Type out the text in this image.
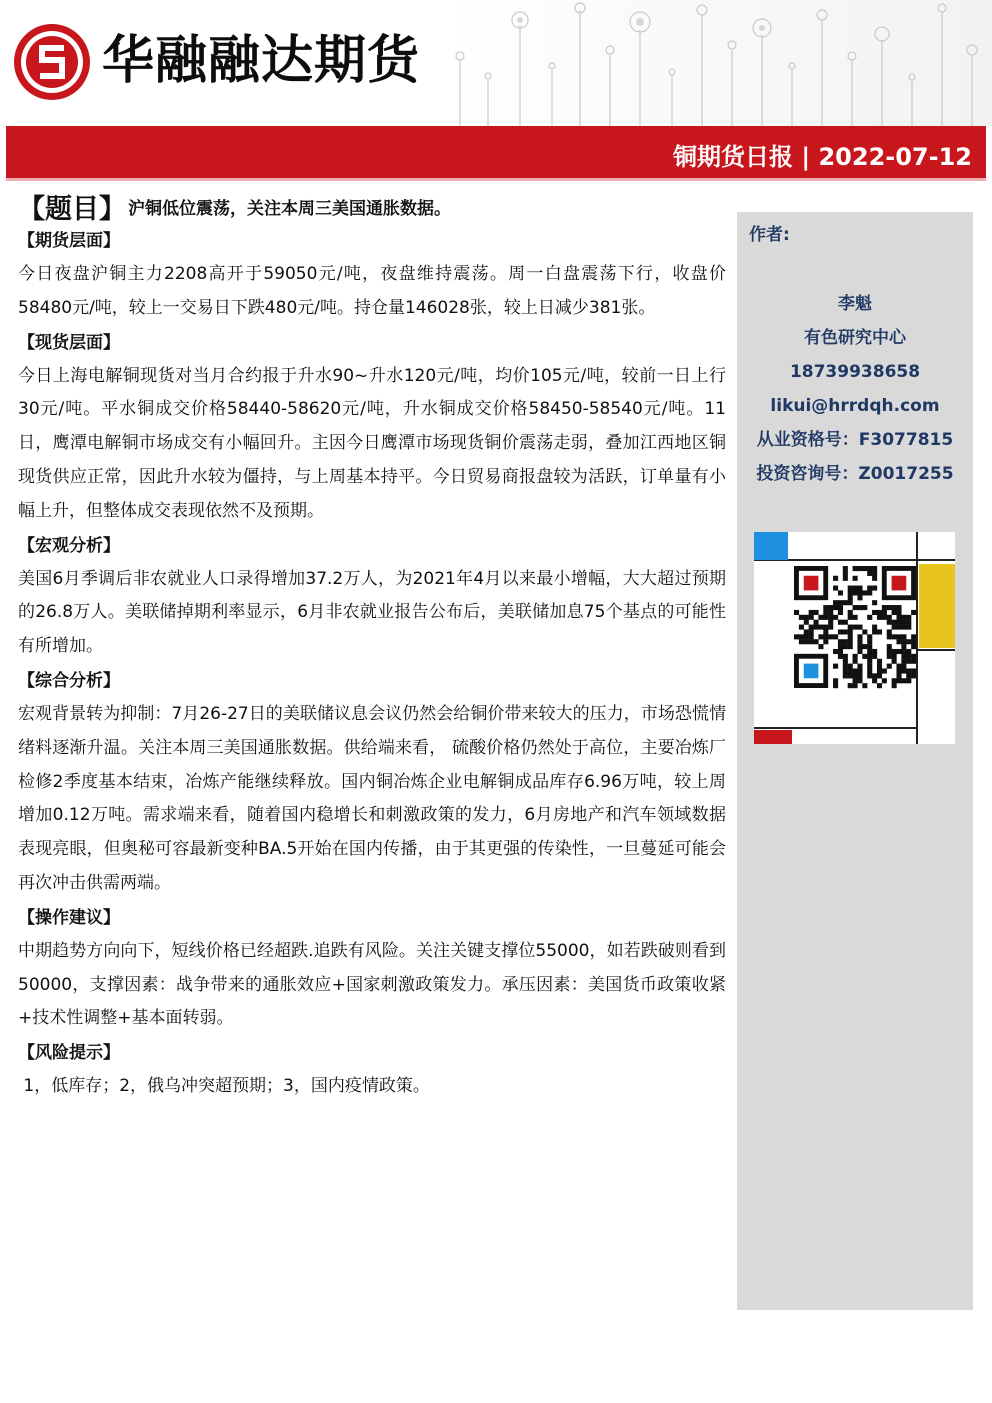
华融融达期货
铜期货日报 | 2022-07-12
【题目】 沪铜低位震荡，关注本周三美国通胀数据。
【期货层面】
今日夜盘沪铜主力2208高开于59050元/吨，夜盘维持震荡。周一白盘震荡下行，收盘价58480元/吨，较上一交易日下跌480元/吨。持仓量146028张，较上日减少381张。
【现货层面】
今日上海电解铜现货对当月合约报于升水90~升水120元/吨，均价105元/吨，较前一日上行30元/吨。平水铜成交价格58440-58620元/吨，升水铜成交价格58450-58540元/吨。11日，鹰潭电解铜市场成交有小幅回升。主因今日鹰潭市场现货铜价震荡走弱，叠加江西地区铜现货供应正常，因此升水较为僵持，与上周基本持平。今日贸易商报盘较为活跃，订单量有小幅上升，但整体成交表现依然不及预期。
【宏观分析】
美国6月季调后非农就业人口录得增加37.2万人，为2021年4月以来最小增幅，大大超过预期的26.8万人。美联储掉期利率显示，6月非农就业报告公布后，美联储加息75个基点的可能性有所增加。
【综合分析】
宏观背景转为抑制：7月26-27日的美联储议息会议仍然会给铜价带来较大的压力，市场恐慌情绪料逐渐升温。关注本周三美国通胀数据。供给端来看， 硫酸价格仍然处于高位，主要冶炼厂检修2季度基本结束，冶炼产能继续释放。国内铜冶炼企业电解铜成品库存6.96万吨，较上周增加0.12万吨。需求端来看，随着国内稳增长和刺激政策的发力，6月房地产和汽车领域数据表现亮眼，但奥秘可容最新变种BA.5开始在国内传播，由于其更强的传染性，一旦蔓延可能会再次冲击供需两端。
【操作建议】
中期趋势方向向下，短线价格已经超跌.追跌有风险。关注关键支撑位55000，如若跌破则看到50000，支撑因素：战争带来的通胀效应+国家刺激政策发力。承压因素：美国货币政策收紧+技术性调整+基本面转弱。
【风险提示】
1，低库存；2，俄乌冲突超预期；3，国内疫情政策。
作者:
李魁
有色研究中心
18739938658
likui@hrrdqh.com
从业资格号：F3077815
投资咨询号：Z0017255
